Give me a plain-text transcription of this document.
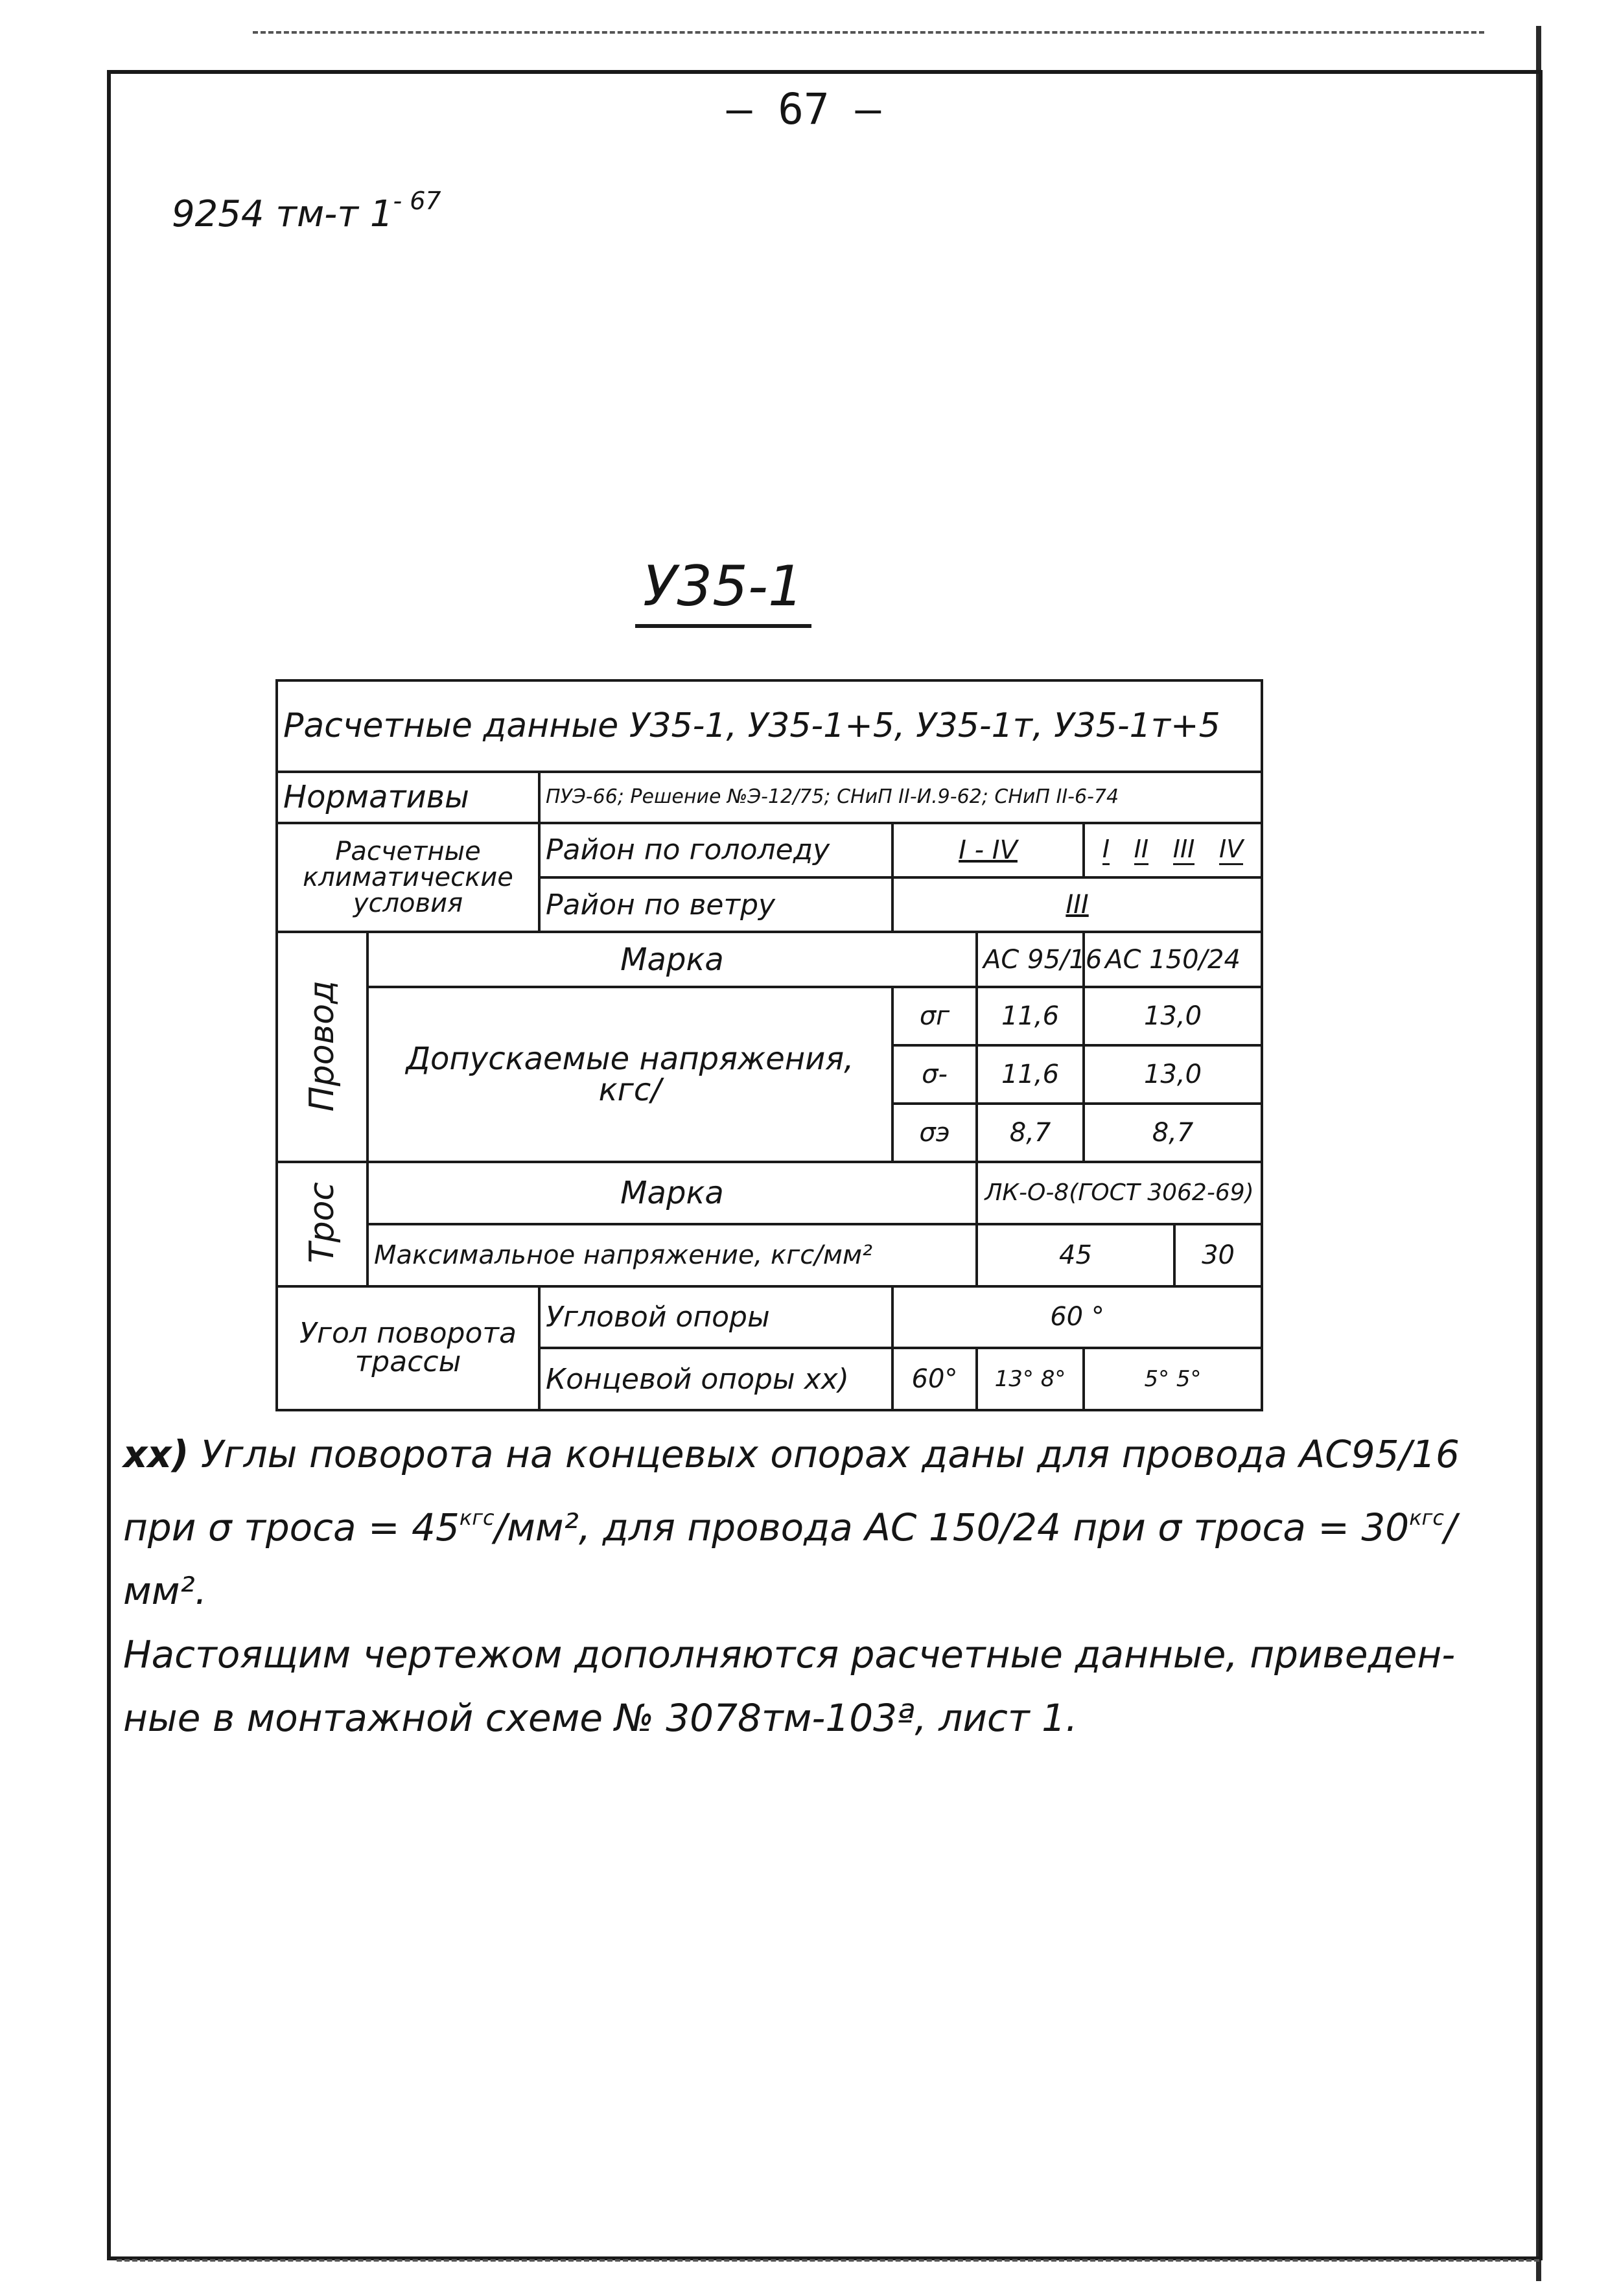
– 67 –
9254 тм-т $1^{- 67}$
У35-1
Расчетные данные У35-1, У35-1+5, У35-1т, У35-1т+5						
Нормативы		ПУЭ-66; Решение №Э-12/75; СНиП II-И.9-62; СНиП II-6-74				
Расчетные климатические условия		Район по гололеду	I - IV		I II III IV	

		Район по ветру	III			
Провод	Марка			АС 95/16	АС 150/24	
	Допускаемые напряжения, кгс/		σг	11,6	13,0	
			σ-	11,6	13,0	
			σэ	8,7	8,7	
Трос	Марка			ЛК-О-8(ГОСТ 3062-69)		
	Максимальное напряжение, кгс/мм²			45		30
Угол поворота трассы		Угловой опоры	60 °			
		Концевой опоры xx)	60°	13° 8°	5° 5°	
хх) Углы поворота на концевых опорах даны для провода АС95/16
при σ троса = $45^{кгс}$/мм², для провода АС 150/24 при σ троса = $30^{кгс}$/мм².
Настоящим чертежом дополняются расчетные данные, приведен-
ные в монтажной схеме № 3078тм-103ª, лист 1.
